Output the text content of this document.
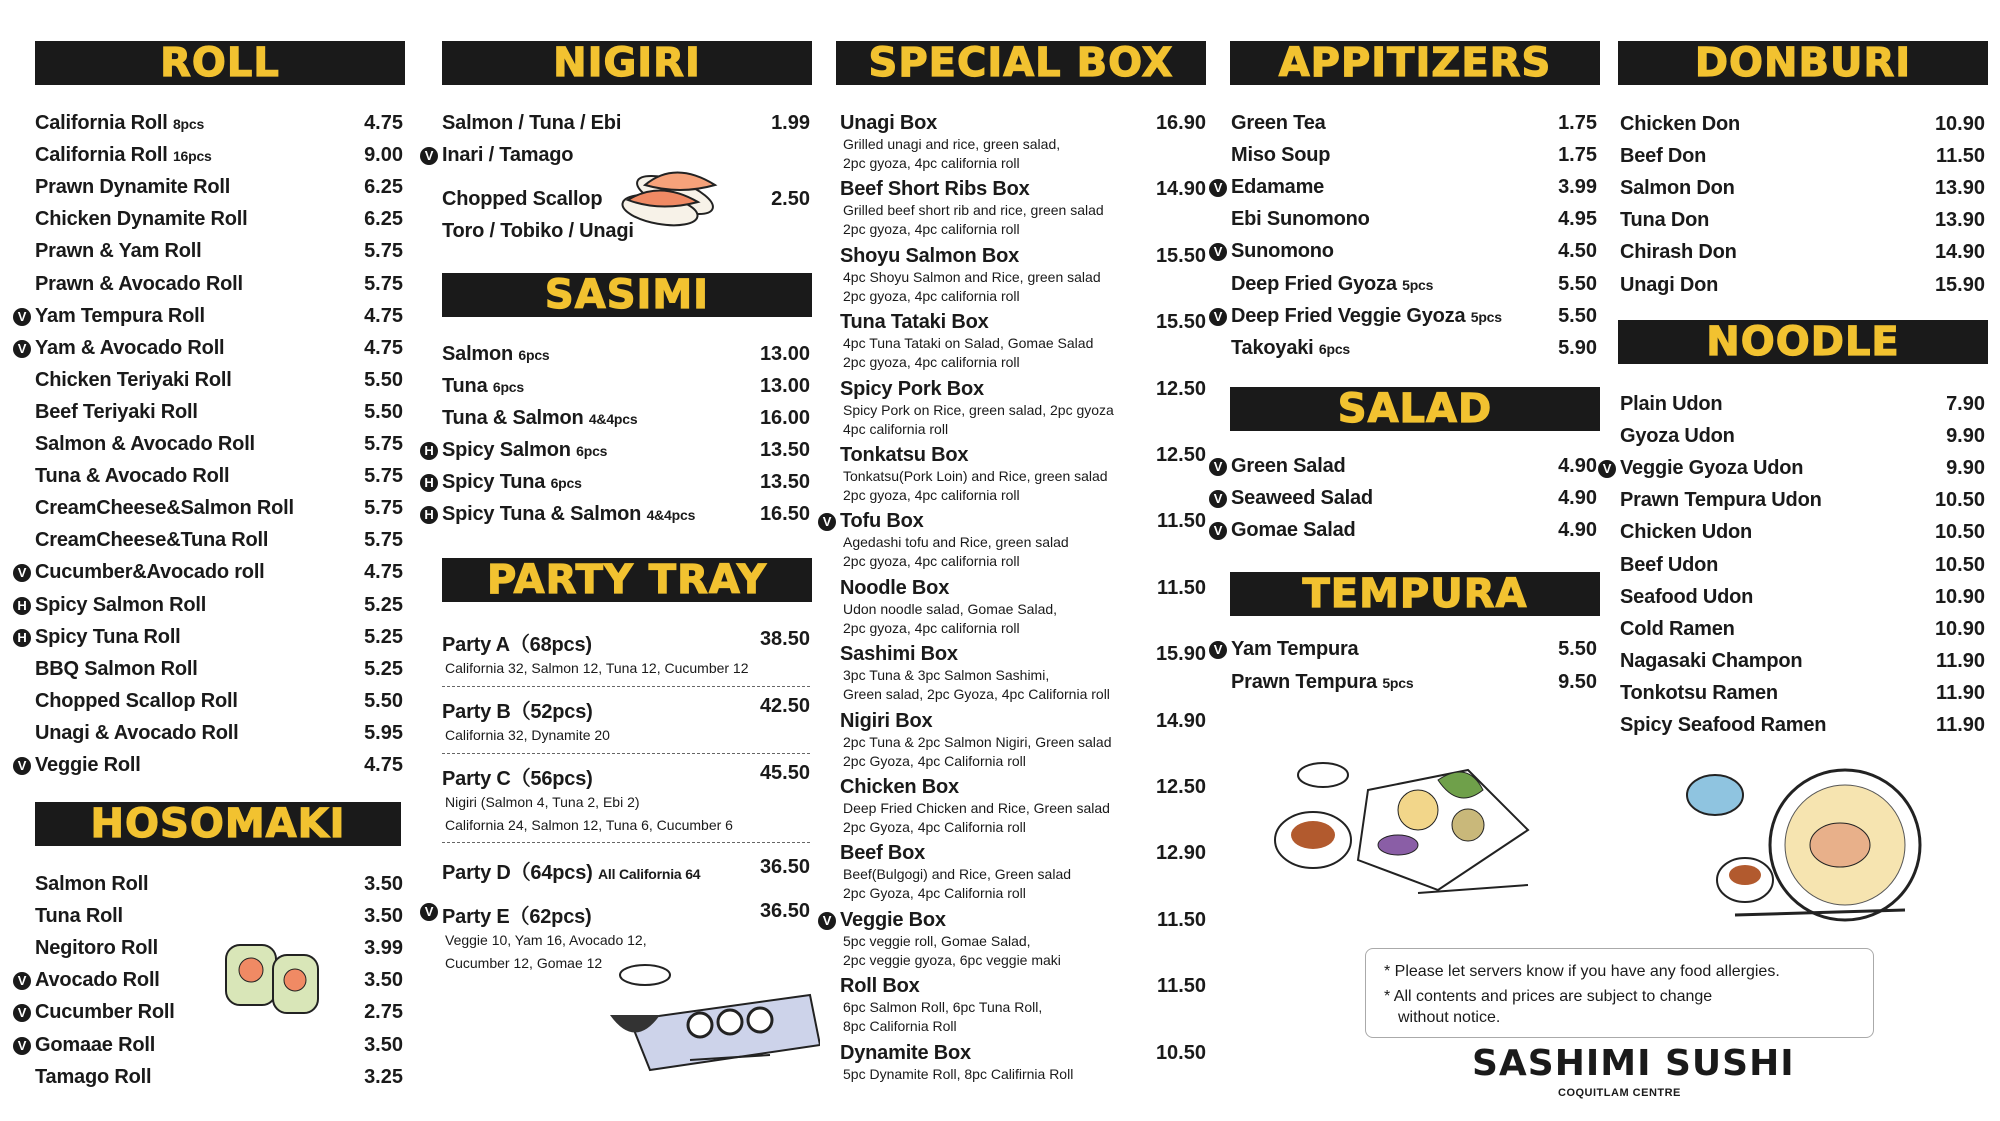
ROLL
HOSOMAKI
NIGIRI
SASIMI
PARTY TRAY
SPECIAL BOX	APPITIZERS
SALAD
TEMPURA
DONBURI
NOODLE
California Roll 8pcs	4.75
California Roll 16pcs	9.00
Prawn Dynamite Roll	6.25
Chicken Dynamite Roll	6.25
Prawn & Yam Roll	5.75
Prawn & Avocado Roll	5.75
V Yam Tempura Roll	4.75
V Yam & Avocado Roll	4.75
Chicken Teriyaki Roll	5.50
Beef Teriyaki Roll	5.50
Salmon & Avocado Roll	5.75
Tuna & Avocado Roll	5.75
CreamCheese&Salmon Roll	5.75
CreamCheese&Tuna Roll	5.75
V Cucumber&Avocado roll	4.75
H Spicy Salmon Roll	5.25
H Spicy Tuna Roll	5.25
BBQ Salmon Roll	5.25
Chopped Scallop Roll	5.50
Unagi & Avocado Roll	5.95
V Veggie Roll	4.75
Salmon Roll	3.50
Tuna Roll	3.50
Negitoro Roll	3.99
V Avocado Roll	3.50
V Cucumber Roll	2.75
V Gomaae Roll	3.50
Tamago Roll	3.25
Salmon / Tuna / Ebi	1.99
V Inari / Tamago
Chopped Scallop	2.50
Toro / Tobiko / Unagi
Salmon 6pcs	13.00
Tuna 6pcs	13.00
Tuna & Salmon 4&4pcs	16.00
H Spicy Salmon 6pcs	13.50
H Spicy Tuna 6pcs	13.50
H Spicy Tuna & Salmon 4&4pcs	16.50
Party A（68pcs)	38.50
California 32, Salmon 12, Tuna 12, Cucumber 12
Party B（52pcs)	42.50
California 32, Dynamite 20
Party C（56pcs)	45.50
Nigiri (Salmon 4, Tuna 2, Ebi 2)
California 24, Salmon 12, Tuna 6, Cucumber 6
Party D（64pcs) All California 64	36.50
V Party E（62pcs)	36.50
Veggie 10, Yam 16, Avocado 12,
Cucumber 12, Gomae 12
Unagi Box	16.90
Grilled unagi and rice, green salad,
2pc gyoza, 4pc california roll
Beef Short Ribs Box	14.90
Grilled beef short rib and rice, green salad
2pc gyoza, 4pc california roll
Shoyu Salmon Box	15.50
4pc Shoyu Salmon and Rice, green salad
2pc gyoza, 4pc california roll
Tuna Tataki Box	15.50
4pc Tuna Tataki on Salad, Gomae Salad
2pc gyoza, 4pc california roll
Spicy Pork Box	12.50
Spicy Pork on Rice, green salad, 2pc gyoza
4pc california roll
Tonkatsu Box	12.50
Tonkatsu(Pork Loin) and Rice, green salad
2pc gyoza, 4pc california roll
V Tofu Box	11.50
Agedashi tofu and Rice, green salad
2pc gyoza, 4pc california roll
Noodle Box	11.50
Udon noodle salad, Gomae Salad,
2pc gyoza, 4pc california roll
Sashimi Box	15.90
3pc Tuna & 3pc Salmon Sashimi,
Green salad, 2pc Gyoza, 4pc California roll
Nigiri Box	14.90
2pc Tuna & 2pc Salmon Nigiri, Green salad
2pc Gyoza, 4pc California roll
Chicken Box	12.50
Deep Fried Chicken and Rice, Green salad
2pc Gyoza, 4pc California roll
Beef Box	12.90
Beef(Bulgogi) and Rice, Green salad
2pc Gyoza, 4pc California roll
V Veggie Box	11.50
5pc veggie roll, Gomae Salad,
2pc veggie gyoza, 6pc veggie maki
Roll Box	11.50
6pc Salmon Roll, 6pc Tuna Roll,
8pc California Roll
Dynamite Box	10.50
5pc Dynamite Roll, 8pc Califirnia Roll
Green Tea	1.75
Miso Soup	1.75
V Edamame	3.99
Ebi Sunomono	4.95
V Sunomono	4.50
Deep Fried Gyoza 5pcs	5.50
V Deep Fried Veggie Gyoza 5pcs	5.50
Takoyaki 6pcs	5.90
V Green Salad	4.90
V Seaweed Salad	4.90
V Gomae Salad	4.90
V Yam Tempura	5.50
Prawn Tempura 5pcs	9.50
Chicken Don	10.90
Beef Don	11.50
Salmon Don	13.90
Tuna Don	13.90
Chirash Don	14.90
Unagi Don	15.90
Plain Udon	7.90
Gyoza Udon	9.90
V Veggie Gyoza Udon	9.90
Prawn Tempura Udon	10.50
Chicken Udon	10.50
Beef Udon	10.50
Seafood Udon	10.90
Cold Ramen	10.90
Nagasaki Champon	11.90
Tonkotsu Ramen	11.90
Spicy Seafood Ramen	11.90
* Please let servers know if you have any food allergies.
* All contents and prices are subject to change
without notice.
SASHIMI SUSHI
COQUITLAM CENTRE
